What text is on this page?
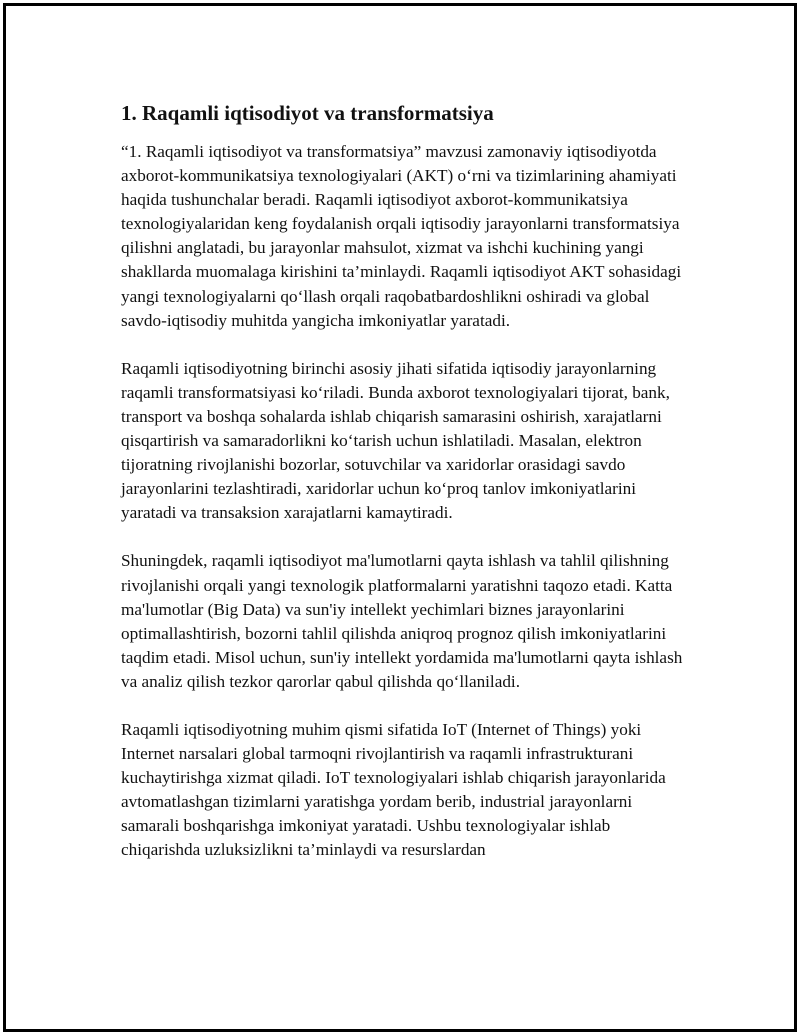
1. Raqamli iqtisodiyot va transformatsiya

“1. Raqamli iqtisodiyot va transformatsiya” mavzusi zamonaviy iqtisodiyotda axborot-kommunikatsiya texnologiyalari (AKT) o‘rni va tizimlarining ahamiyati haqida tushunchalar beradi. Raqamli iqtisodiyot axborot-kommunikatsiya texnologiyalaridan keng foydalanish orqali iqtisodiy jarayonlarni transformatsiya qilishni anglatadi, bu jarayonlar mahsulot, xizmat va ishchi kuchining yangi shakllarda muomalaga kirishini ta’minlaydi. Raqamli iqtisodiyot AKT sohasidagi yangi texnologiyalarni qo‘llash orqali raqobatbardoshlikni oshiradi va global savdo-iqtisodiy muhitda yangicha imkoniyatlar yaratadi.

Raqamli iqtisodiyotning birinchi asosiy jihati sifatida iqtisodiy jarayonlarning raqamli transformatsiyasi ko‘riladi. Bunda axborot texnologiyalari tijorat, bank, transport va boshqa sohalarda ishlab chiqarish samarasini oshirish, xarajatlarni qisqartirish va samaradorlikni ko‘tarish uchun ishlatiladi. Masalan, elektron tijoratning rivojlanishi bozorlar, sotuvchilar va xaridorlar orasidagi savdo jarayonlarini tezlashtiradi, xaridorlar uchun ko‘proq tanlov imkoniyatlarini yaratadi va transaksion xarajatlarni kamaytiradi.

Shuningdek, raqamli iqtisodiyot ma'lumotlarni qayta ishlash va tahlil qilishning rivojlanishi orqali yangi texnologik platformalarni yaratishni taqozo etadi. Katta ma'lumotlar (Big Data) va sun'iy intellekt yechimlari biznes jarayonlarini optimallashtirish, bozorni tahlil qilishda aniqroq prognoz qilish imkoniyatlarini taqdim etadi. Misol uchun, sun'iy intellekt yordamida ma'lumotlarni qayta ishlash va analiz qilish tezkor qarorlar qabul qilishda qo‘llaniladi.

Raqamli iqtisodiyotning muhim qismi sifatida IoT (Internet of Things) yoki Internet narsalari global tarmoqni rivojlantirish va raqamli infrastrukturani kuchaytirishga xizmat qiladi. IoT texnologiyalari ishlab chiqarish jarayonlarida avtomatlashgan tizimlarni yaratishga yordam berib, industrial jarayonlarni samarali boshqarishga imkoniyat yaratadi. Ushbu texnologiyalar ishlab chiqarishda uzluksizlikni ta’minlaydi va resurslardan
